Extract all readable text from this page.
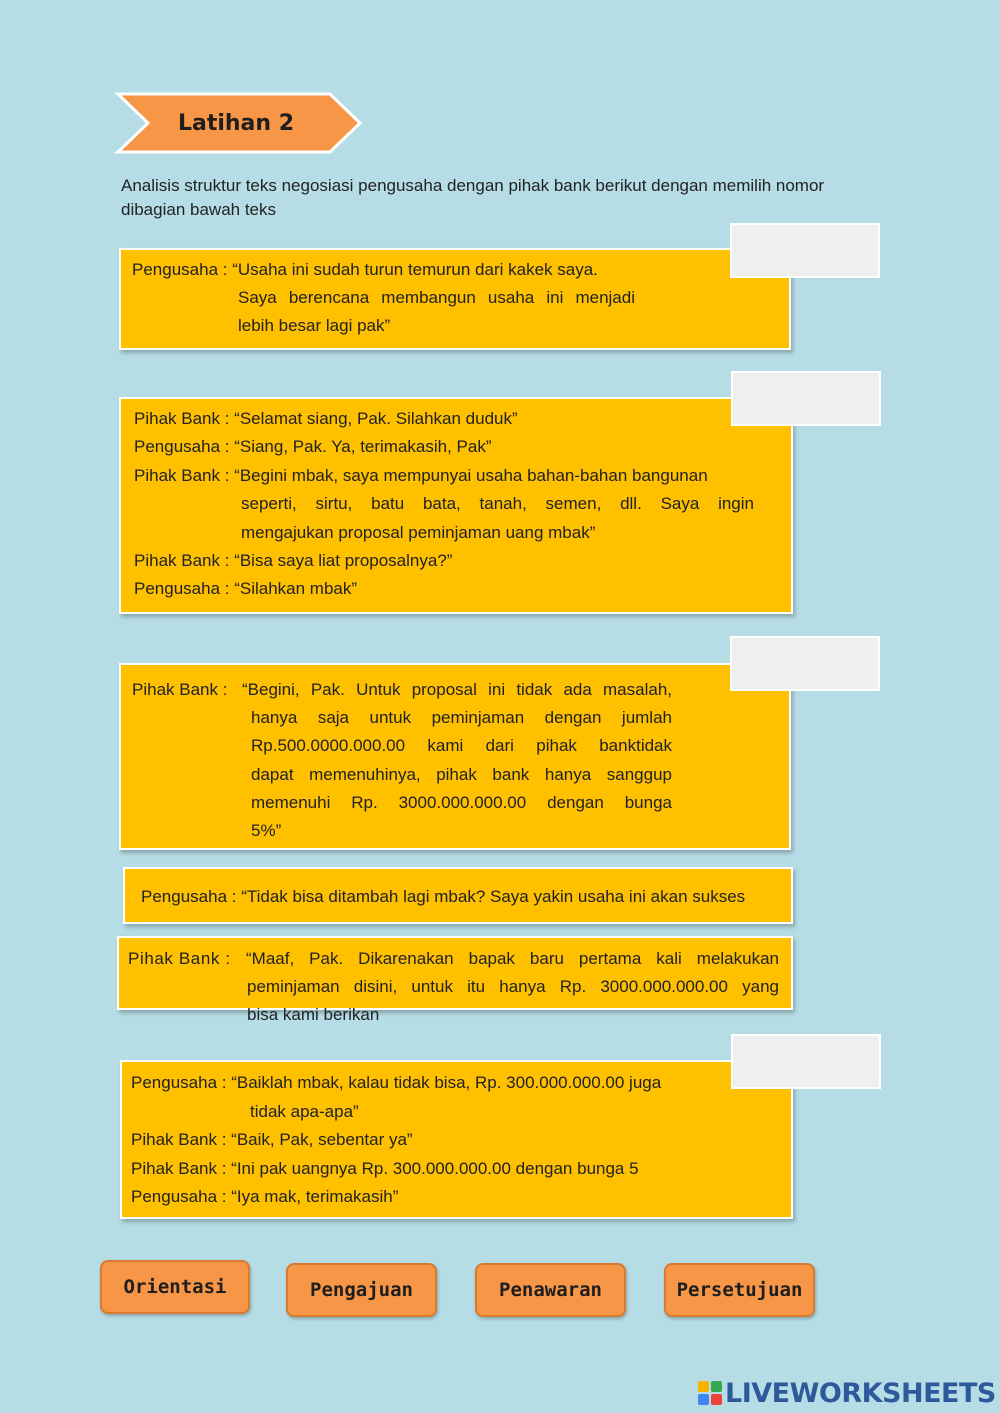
Latihan 2
Analisis struktur teks negosiasi pengusaha dengan pihak bank berikut dengan memilih nomor dibagian bawah teks
Pengusaha : “Usaha ini sudah turun temurun dari kakek saya.
Saya berencana membangun usaha ini menjadi
lebih besar lagi pak”
Pihak Bank : “Selamat siang, Pak. Silahkan duduk”
Pengusaha : “Siang, Pak. Ya, terimakasih, Pak”
Pihak Bank : “Begini mbak, saya mempunyai usaha bahan-bahan bangunan
seperti, sirtu, batu bata, tanah, semen, dll. Saya ingin
mengajukan proposal peminjaman uang mbak”
Pihak Bank : “Bisa saya liat proposalnya?”
Pengusaha : “Silahkan mbak”
Pihak Bank : “Begini, Pak. Untuk proposal ini tidak ada masalah,
hanya saja untuk peminjaman dengan jumlah
Rp.500.0000.000.00 kami dari pihak banktidak
dapat memenuhinya, pihak bank hanya sanggup
memenuhi Rp. 3000.000.000.00 dengan bunga
5%”
Pengusaha : “Tidak bisa ditambah lagi mbak? Saya yakin usaha ini akan sukses
Pihak Bank : “Maaf, Pak. Dikarenakan bapak baru pertama kali melakukan
peminjaman disini, untuk itu hanya Rp. 3000.000.000.00 yang
bisa kami berikan
Pengusaha : “Baiklah mbak, kalau tidak bisa, Rp. 300.000.000.00 juga
tidak apa-apa”
Pihak Bank : “Baik, Pak, sebentar ya”
Pihak Bank : “Ini pak uangnya Rp. 300.000.000.00 dengan bunga 5
Pengusaha : “Iya mak, terimakasih”
Orientasi	Pengajuan	Penawaran	Persetujuan
LIVEWORKSHEETS
